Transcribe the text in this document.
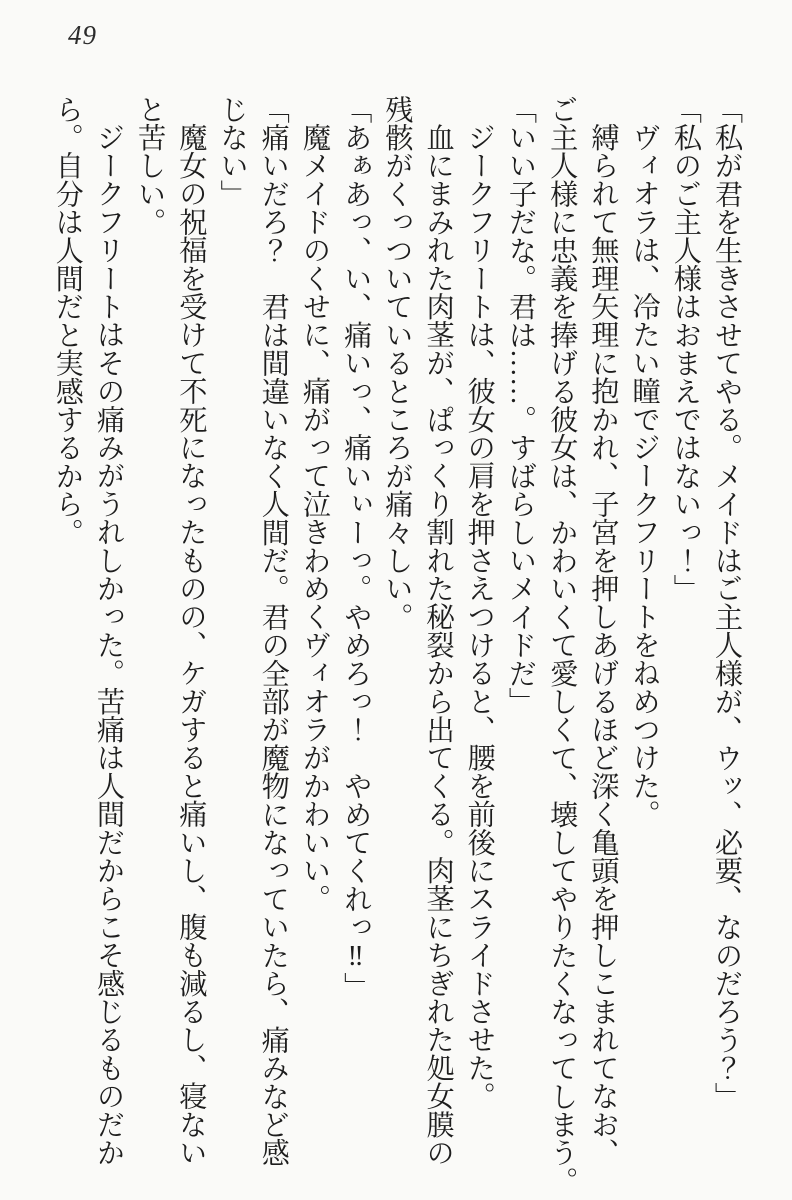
49
「私が君を生きさせてやる。メイドはご主人様が、ウッ、必要、なのだろう？」
「私のご主人様はおまえではないっ！」
ヴィオラは、冷たい瞳でジークフリートをねめつけた。
縛られて無理矢理に抱かれ、子宮を押しあげるほど深く亀頭を押しこまれてなお、
ご主人様に忠義を捧げる彼女は、かわいくて愛しくて、壊してやりたくなってしまう。
「いい子だな。君は……。すばらしいメイドだ」
ジークフリートは、彼女の肩を押さえつけると、腰を前後にスライドさせた。
血にまみれた肉茎が、ぱっくり割れた秘裂から出てくる。肉茎にちぎれた処女膜の
残骸がくっついているところが痛々しい。
「あぁあっ、い、痛いっ、痛いぃーっ。やめろっ！　やめてくれっ‼」
魔メイドのくせに、痛がって泣きわめくヴィオラがかわいい。
「痛いだろ？　君は間違いなく人間だ。君の全部が魔物になっていたら、痛みなど感
じない」
魔女の祝福を受けて不死になったものの、ケガすると痛いし、腹も減るし、寝ない
と苦しい。
ジークフリートはその痛みがうれしかった。苦痛は人間だからこそ感じるものだか
ら。自分は人間だと実感するから。
